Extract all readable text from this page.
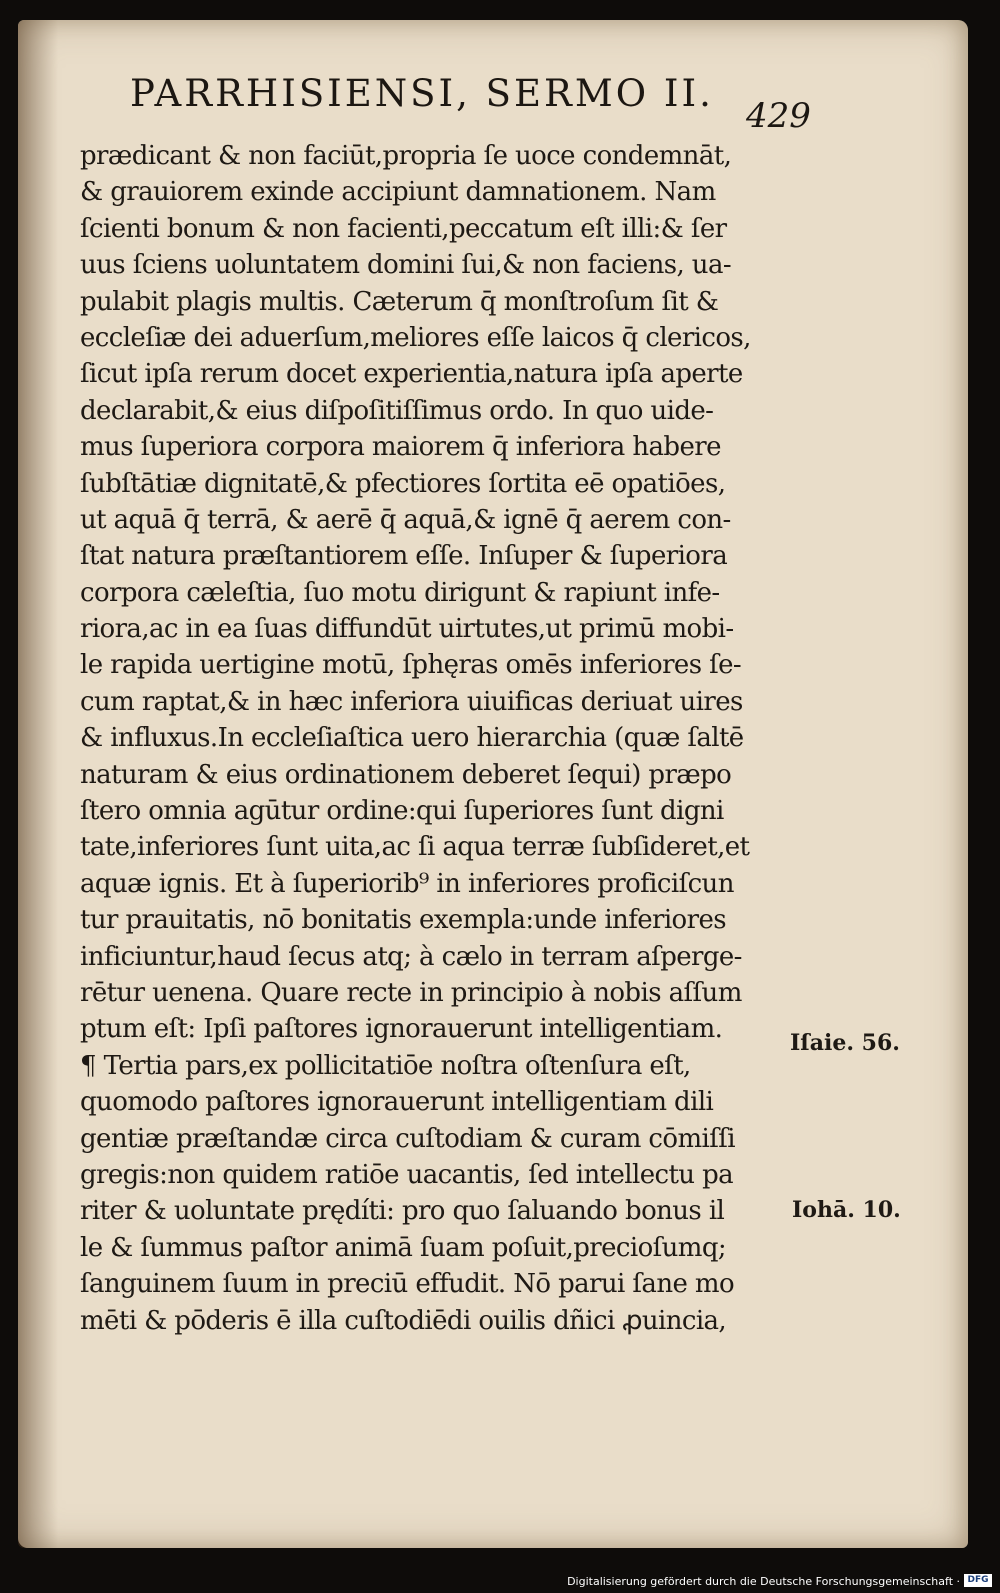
PARRHISIENSI, SERMO II.
429
prædicant & non faciūt,propria ſe uoce condemnāt,
& grauiorem exinde accipiunt damnationem. Nam
ſcienti bonum & non facienti,peccatum eſt illi:& ſer
uus ſciens uoluntatem domini ſui,& non faciens, ua-
pulabit plagis multis. Cæterum q̄ monſtroſum ſit &
eccleſiæ dei aduerſum,meliores eſſe laicos q̄ clericos,
ſicut ipſa rerum docet experientia,natura ipſa aperte
declarabit,& eius diſpoſitiſſimus ordo. In quo uide-
mus ſuperiora corpora maiorem q̄ inferiora habere
ſubſtātiæ dignitatē,& pfectiores ſortita eē opatiōes,
ut aquā q̄ terrā, & aerē q̄ aquā,& ignē q̄ aerem con-
ſtat natura præſtantiorem eſſe. Inſuper & ſuperiora
corpora cæleſtia, ſuo motu dirigunt & rapiunt infe-
riora,ac in ea ſuas diffundūt uirtutes,ut primū mobi-
le rapida uertigine motū, ſphęras omēs inferiores ſe-
cum raptat,& in hæc inferiora uiuificas deriuat uires
& influxus.In eccleſiaſtica uero hierarchia (quæ ſaltē
naturam & eius ordinationem deberet ſequi) præpo
ſtero omnia agūtur ordine:qui ſuperiores ſunt digni
tate,inferiores ſunt uita,ac ſi aqua terræ ſubſideret,et
aquæ ignis. Et à ſuperiorib⁹ in inferiores proficiſcun
tur prauitatis, nō bonitatis exempla:unde inferiores
inficiuntur,haud ſecus atq; à cælo in terram aſperge-
rētur uenena. Quare recte in principio à nobis aſſum
ptum eſt: Ipſi paſtores ignorauerunt intelligentiam.
¶ Tertia pars,ex pollicitatiōe noſtra oſtenſura eſt,
quomodo paſtores ignorauerunt intelligentiam dili
gentiæ præſtandæ circa cuſtodiam & curam cōmiſſi
gregis:non quidem ratiōe uacantis, ſed intellectu pa
riter & uoluntate prędíti: pro quo ſaluando bonus il
le & ſummus paſtor animā ſuam poſuit,precioſumq;
ſanguinem ſuum in preciū effudit. Nō parui ſane mo
mēti & pōderis ē illa cuſtodiēdi ouilis dñici ꝓuincia,
Iſaie. 56.
Iohā. 10.
Digitalisierung gefördert durch die Deutsche Forschungsgemeinschaft · DFG
